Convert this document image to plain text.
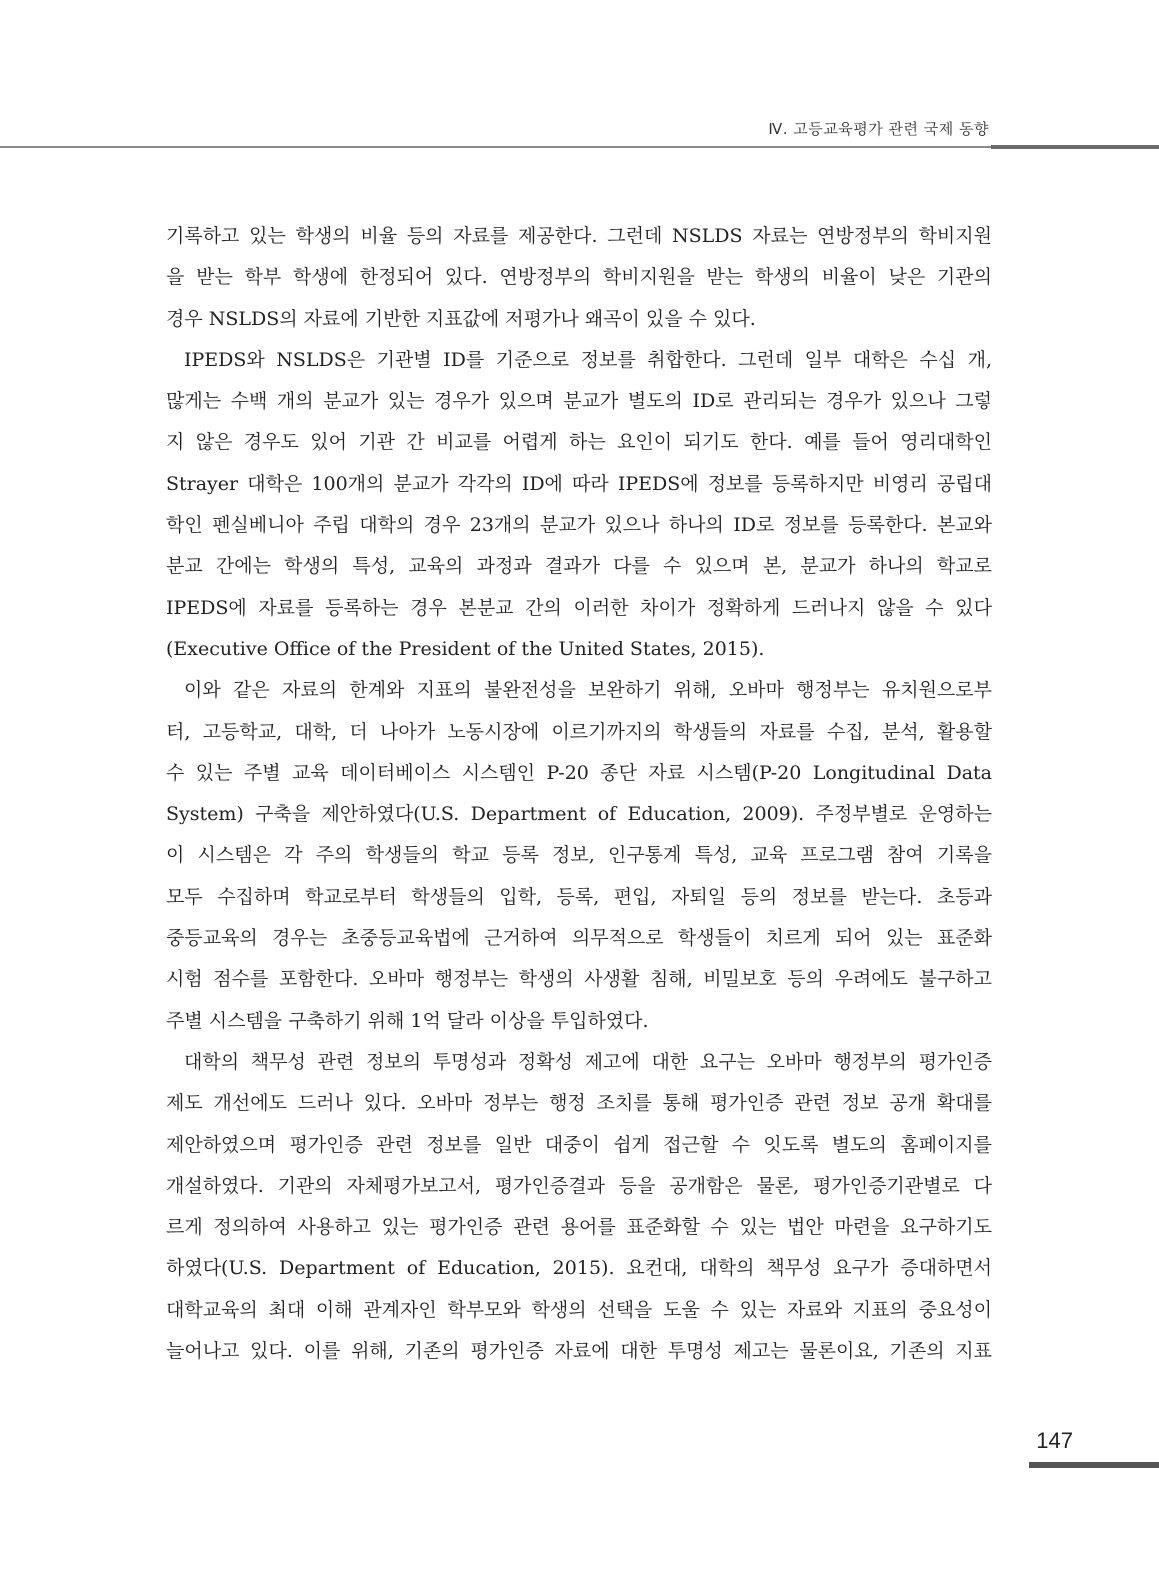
Ⅳ. 고등교육평가 관련 국제 동향
기록하고 있는 학생의 비율 등의 자료를 제공한다. 그런데 NSLDS 자료는 연방정부의 학비지원
을 받는 학부 학생에 한정되어 있다. 연방정부의 학비지원을 받는 학생의 비율이 낮은 기관의
경우 NSLDS의 자료에 기반한 지표값에 저평가나 왜곡이 있을 수 있다.
IPEDS와 NSLDS은 기관별 ID를 기준으로 정보를 취합한다. 그런데 일부 대학은 수십 개,
많게는 수백 개의 분교가 있는 경우가 있으며 분교가 별도의 ID로 관리되는 경우가 있으나 그렇
지 않은 경우도 있어 기관 간 비교를 어렵게 하는 요인이 되기도 한다. 예를 들어 영리대학인
Strayer 대학은 100개의 분교가 각각의 ID에 따라 IPEDS에 정보를 등록하지만 비영리 공립대
학인 펜실베니아 주립 대학의 경우 23개의 분교가 있으나 하나의 ID로 정보를 등록한다. 본교와
분교 간에는 학생의 특성, 교육의 과정과 결과가 다를 수 있으며 본, 분교가 하나의 학교로
IPEDS에 자료를 등록하는 경우 본분교 간의 이러한 차이가 정확하게 드러나지 않을 수 있다
(Executive Office of the President of the United States, 2015).
이와 같은 자료의 한계와 지표의 불완전성을 보완하기 위해, 오바마 행정부는 유치원으로부
터, 고등학교, 대학, 더 나아가 노동시장에 이르기까지의 학생들의 자료를 수집, 분석, 활용할
수 있는 주별 교육 데이터베이스 시스템인 P-20 종단 자료 시스템(P-20 Longitudinal Data
System) 구축을 제안하였다(U.S. Department of Education, 2009). 주정부별로 운영하는
이 시스템은 각 주의 학생들의 학교 등록 정보, 인구통계 특성, 교육 프로그램 참여 기록을
모두 수집하며 학교로부터 학생들의 입학, 등록, 편입, 자퇴일 등의 정보를 받는다. 초등과
중등교육의 경우는 초중등교육법에 근거하여 의무적으로 학생들이 치르게 되어 있는 표준화
시험 점수를 포함한다. 오바마 행정부는 학생의 사생활 침해, 비밀보호 등의 우려에도 불구하고
주별 시스템을 구축하기 위해 1억 달라 이상을 투입하였다.
대학의 책무성 관련 정보의 투명성과 정확성 제고에 대한 요구는 오바마 행정부의 평가인증
제도 개선에도 드러나 있다. 오바마 정부는 행정 조치를 통해 평가인증 관련 정보 공개 확대를
제안하였으며 평가인증 관련 정보를 일반 대중이 쉽게 접근할 수 잇도록 별도의 홈페이지를
개설하였다. 기관의 자체평가보고서, 평가인증결과 등을 공개함은 물론, 평가인증기관별로 다
르게 정의하여 사용하고 있는 평가인증 관련 용어를 표준화할 수 있는 법안 마련을 요구하기도
하였다(U.S. Department of Education, 2015). 요컨대, 대학의 책무성 요구가 증대하면서
대학교육의 최대 이해 관계자인 학부모와 학생의 선택을 도울 수 있는 자료와 지표의 중요성이
늘어나고 있다. 이를 위해, 기존의 평가인증 자료에 대한 투명성 제고는 물론이요, 기존의 지표
147
